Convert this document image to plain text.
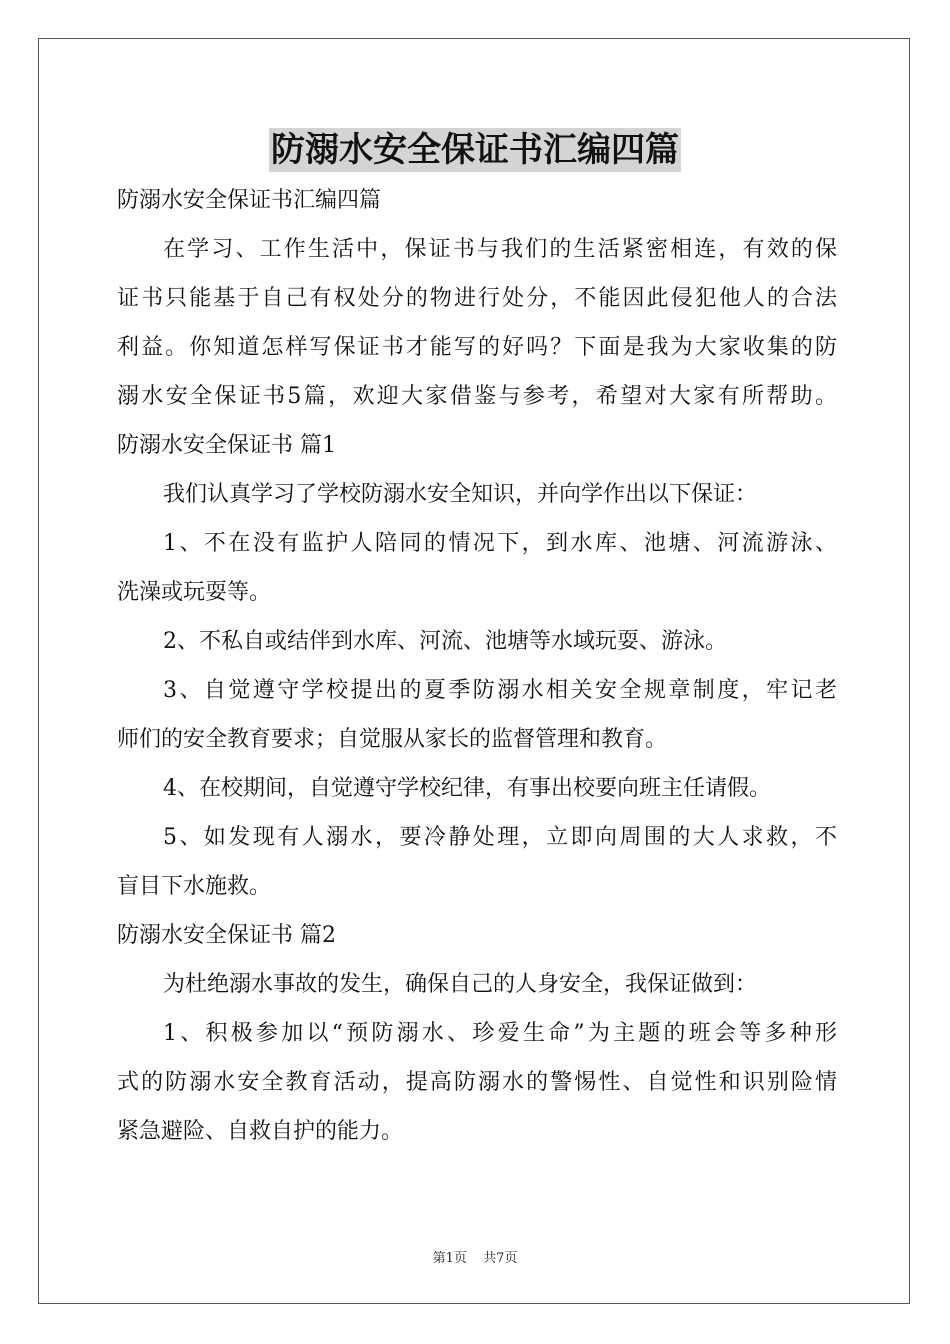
防溺水安全保证书汇编四篇
防溺水安全保证书汇编四篇
在学习、工作生活中，保证书与我们的生活紧密相连，有效的保
证书只能基于自己有权处分的物进行处分，不能因此侵犯他人的合法
利益。你知道怎样写保证书才能写的好吗？下面是我为大家收集的防
溺水安全保证书5篇，欢迎大家借鉴与参考，希望对大家有所帮助。
防溺水安全保证书 篇1
我们认真学习了学校防溺水安全知识，并向学作出以下保证：
1、不在没有监护人陪同的情况下，到水库、池塘、河流游泳、
洗澡或玩耍等。
2、不私自或结伴到水库、河流、池塘等水域玩耍、游泳。
3、自觉遵守学校提出的夏季防溺水相关安全规章制度，牢记老
师们的安全教育要求；自觉服从家长的监督管理和教育。
4、在校期间，自觉遵守学校纪律，有事出校要向班主任请假。
5、如发现有人溺水，要冷静处理，立即向周围的大人求救，不
盲目下水施救。
防溺水安全保证书 篇2
为杜绝溺水事故的发生，确保自己的人身安全，我保证做到：
1、积极参加以“预防溺水、珍爱生命”为主题的班会等多种形
式的防溺水安全教育活动，提高防溺水的警惕性、自觉性和识别险情
紧急避险、自救自护的能力。
第1页 共7页
